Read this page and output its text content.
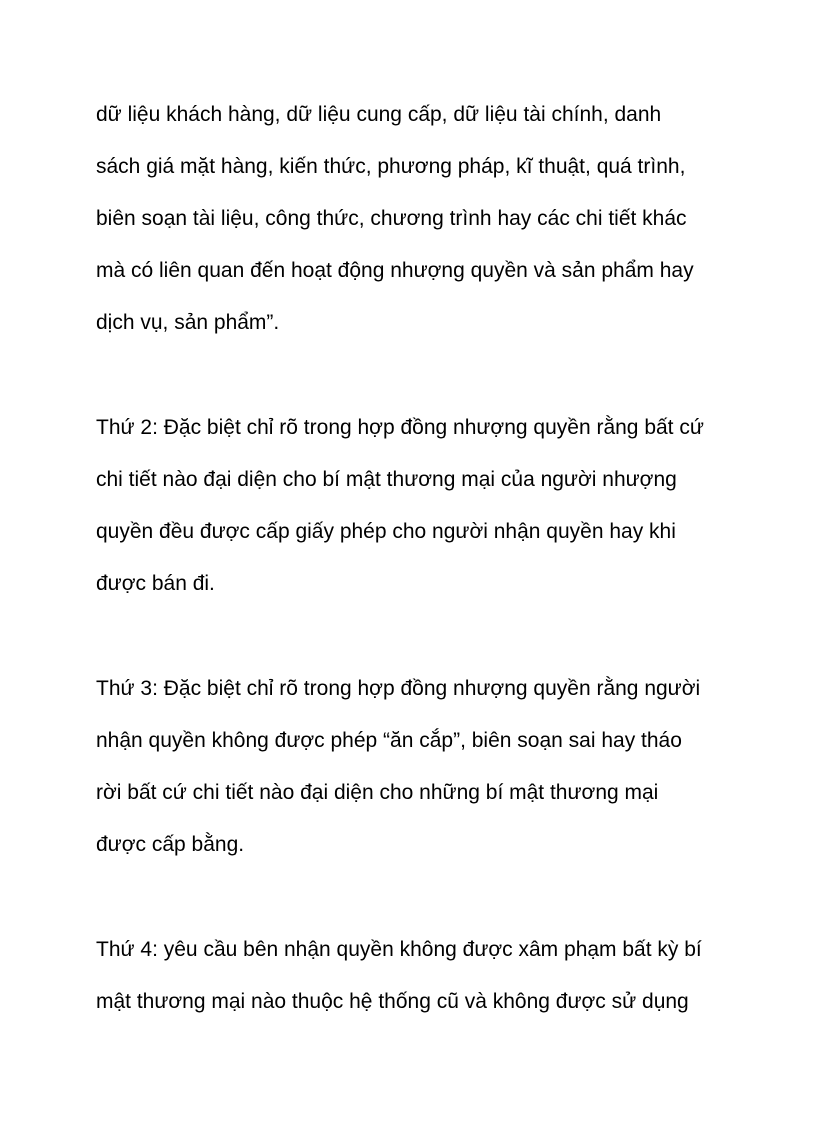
dữ liệu khách hàng, dữ liệu cung cấp, dữ liệu tài chính, danh
sách giá mặt hàng, kiến thức, phương pháp, kĩ thuật, quá trình,
biên soạn tài liệu, công thức, chương trình hay các chi tiết khác
mà có liên quan đến hoạt động nhượng quyền và sản phẩm hay
dịch vụ, sản phẩm”.
Thứ 2: Đặc biệt chỉ rõ trong hợp đồng nhượng quyền rằng bất cứ
chi tiết nào đại diện cho bí mật thương mại của người nhượng
quyền đều được cấp giấy phép cho người nhận quyền hay khi
được bán đi.
Thứ 3: Đặc biệt chỉ rõ trong hợp đồng nhượng quyền rằng người
nhận quyền không được phép “ăn cắp”, biên soạn sai hay tháo
rời bất cứ chi tiết nào đại diện cho những bí mật thương mại
được cấp bằng.
Thứ 4: yêu cầu bên nhận quyền không được xâm phạm bất kỳ bí
mật thương mại nào thuộc hệ thống cũ và không được sử dụng
